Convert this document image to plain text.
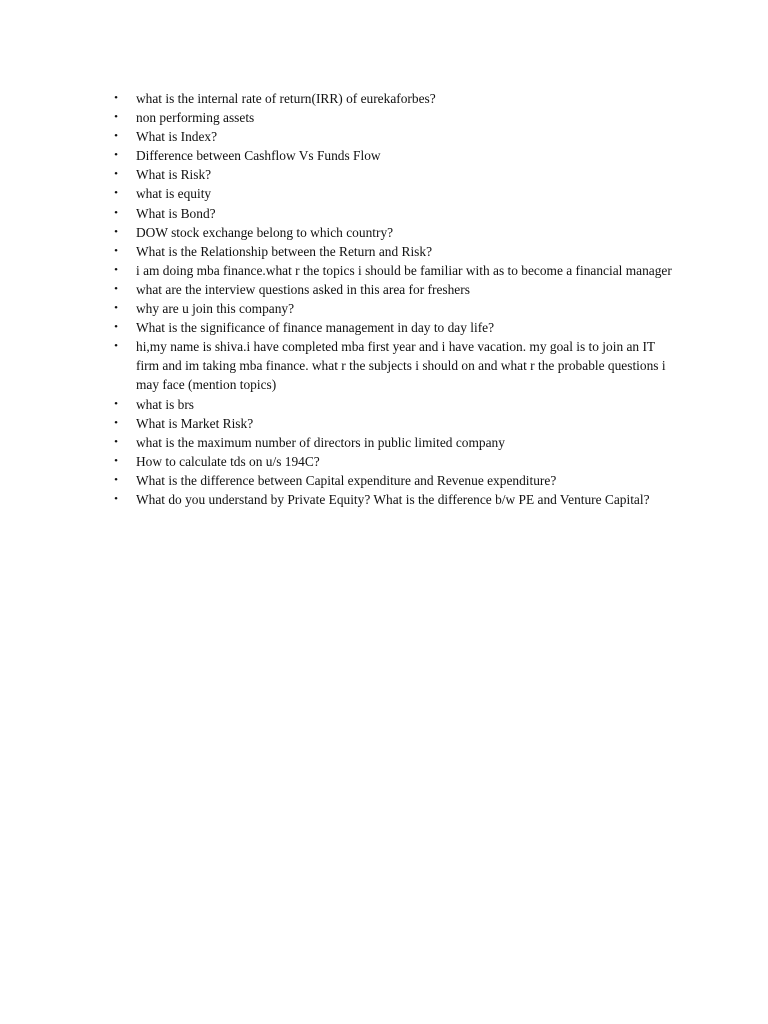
•	what is the internal rate of return(IRR) of eurekaforbes?
•	non performing assets
•	What is Index?
•	Difference between Cashflow Vs Funds Flow
•	What is Risk?
•	what is equity
•	What is Bond?
•	DOW stock exchange belong to which country?
•	What is the Relationship between the Return and Risk?
•	i am doing mba finance.what r the topics i should be familiar with as to become a financial manager
•	what are the interview questions asked in this area for freshers
•	why are u join this company?
•	What is the significance of finance management in day to day life?
•	hi,my name is shiva.i have completed mba first year and i have vacation. my goal is to join an IT firm and im taking mba finance. what r the subjects i should on and what r the probable questions i may face (mention topics)
•	what is brs
•	What is Market Risk?
•	what is the maximum number of directors in public limited company
•	How to calculate tds on u/s 194C?
•	What is the difference between Capital expenditure and Revenue expenditure?
•	What do you understand by Private Equity? What is the difference b/w PE and Venture Capital?
